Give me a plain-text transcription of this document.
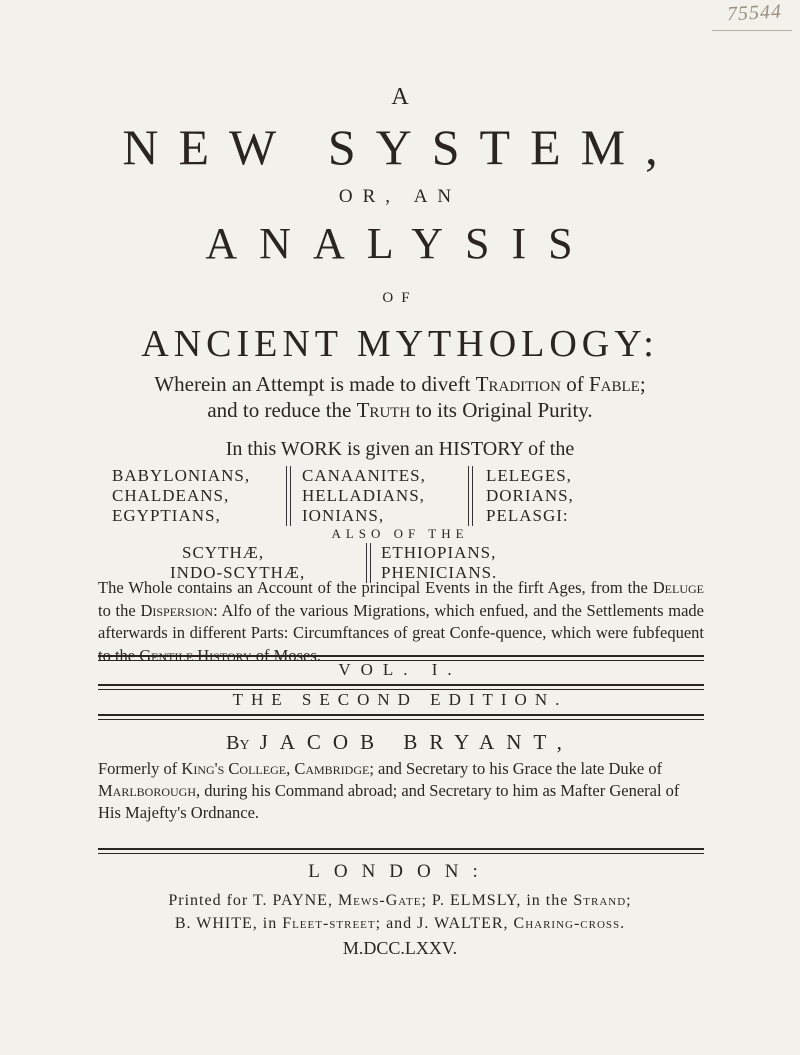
75544
A
NEW SYSTEM,
OR, AN
ANALYSIS
OF
ANCIENT MYTHOLOGY:
Wherein an Attempt is made to diveft Tradition of Fable;
and to reduce the Truth to its Original Purity.
In this WORK is given an HISTORY of the
BABYLONIANS,
CHALDEANS,
EGYPTIANS,
CANAANITES,
HELLADIANS,
IONIANS,
LELEGES,
DORIANS,
PELASGI:
ALSO OF THE
SCYTHÆ,
INDO-SCYTHÆ,
ETHIOPIANS,
PHENICIANS.
The Whole contains an Account of the principal Events in the firft Ages, from the Deluge to the Dispersion: Alfo of the various Migrations, which enfued, and the Settlements made afterwards in different Parts: Circumftances of great Confe-quence, which were fubfequent to the Gentile History of Moses.
VOL. I.
THE SECOND EDITION.
By JACOB BRYANT,
Formerly of King's College, Cambridge; and Secretary to his Grace the late Duke of Marlborough, during his Command abroad; and Secretary to him as Mafter General of His Majefty's Ordnance.
LONDON:
Printed for T. PAYNE, Mews-Gate; P. ELMSLY, in the Strand;
B. WHITE, in Fleet-street; and J. WALTER, Charing-cross.
M.DCC.LXXV.
